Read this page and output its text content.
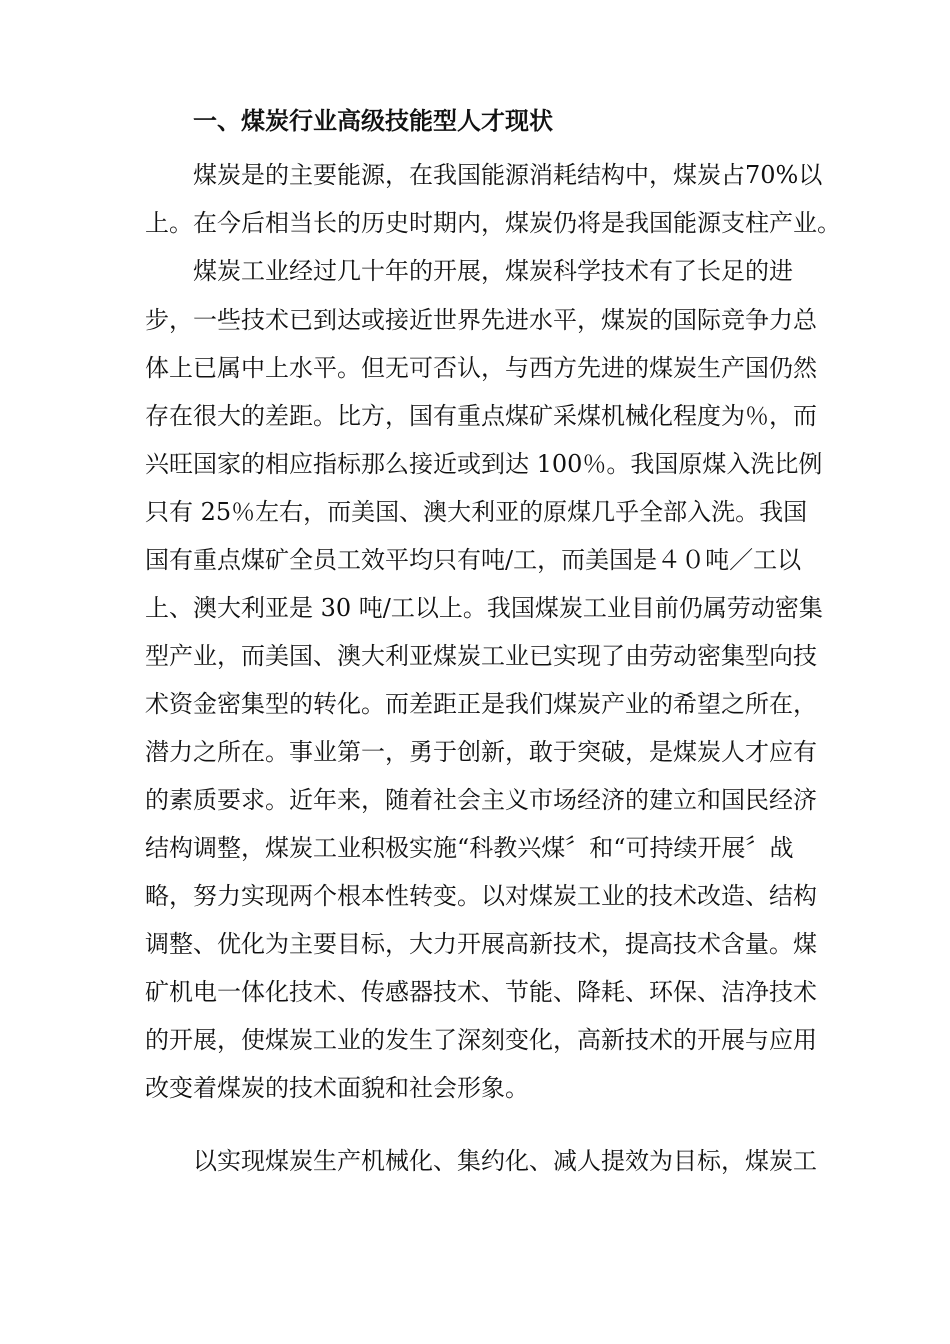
一、煤炭行业高级技能型人才现状
煤炭是的主要能源，在我国能源消耗结构中，煤炭占70%以
上。在今后相当长的历史时期内，煤炭仍将是我国能源支柱产业。
煤炭工业经过几十年的开展，煤炭科学技术有了长足的进
步，一些技术已到达或接近世界先进水平，煤炭的国际竞争力总
体上已属中上水平。但无可否认，与西方先进的煤炭生产国仍然
存在很大的差距。比方，国有重点煤矿采煤机械化程度为％，而
兴旺国家的相应指标那么接近或到达 100％。我国原煤入洗比例
只有 25％左右，而美国、澳大利亚的原煤几乎全部入洗。我国
国有重点煤矿全员工效平均只有吨/工，而美国是４０吨／工以
上、澳大利亚是 30 吨/工以上。我国煤炭工业目前仍属劳动密集
型产业，而美国、澳大利亚煤炭工业已实现了由劳动密集型向技
术资金密集型的转化。而差距正是我们煤炭产业的希望之所在，
潜力之所在。事业第一，勇于创新，敢于突破，是煤炭人才应有
的素质要求。近年来，随着社会主义市场经济的建立和国民经济
结构调整，煤炭工业积极实施“科教兴煤〞和“可持续开展〞战
略，努力实现两个根本性转变。以对煤炭工业的技术改造、结构
调整、优化为主要目标，大力开展高新技术，提高技术含量。煤
矿机电一体化技术、传感器技术、节能、降耗、环保、洁净技术
的开展，使煤炭工业的发生了深刻变化，高新技术的开展与应用
改变着煤炭的技术面貌和社会形象。
以实现煤炭生产机械化、集约化、减人提效为目标，煤炭工
